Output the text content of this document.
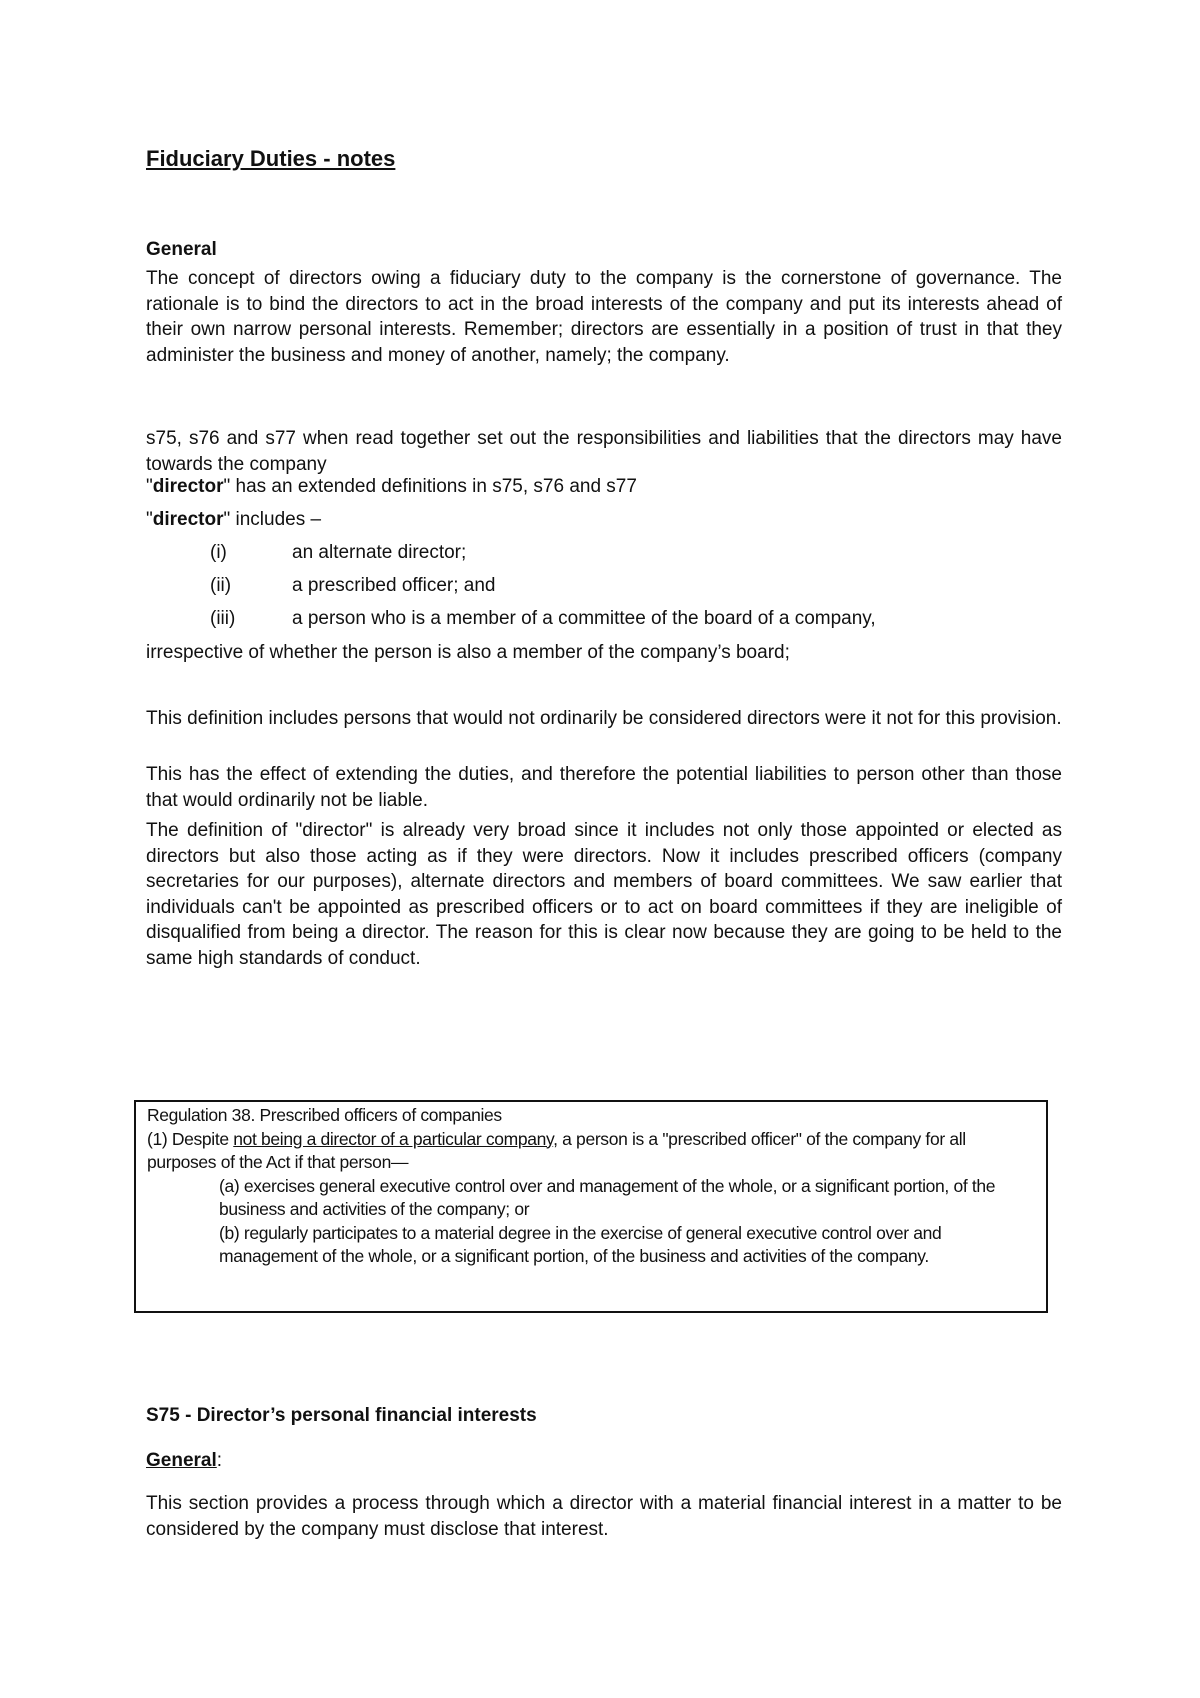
Fiduciary Duties - notes
General

The concept of directors owing a fiduciary duty to the company is the cornerstone of governance. The rationale is to bind the directors to act in the broad interests of the company and put its interests ahead of their own narrow personal interests. Remember; directors are essentially in a position of trust in that they administer the business and money of another, namely; the company.

s75, s76 and s77 when read together set out the responsibilities and liabilities that the directors may have towards the company

"director" has an extended definitions in s75, s76 and s77

"director" includes –

(i)	an alternate director;
(ii)	a prescribed officer; and
(iii)	a person who is a member of a committee of the board of a company,

irrespective of whether the person is also a member of the company’s board;

This definition includes persons that would not ordinarily be considered directors were it not for this provision.

This has the effect of extending the duties, and therefore the potential liabilities to person other than those that would ordinarily not be liable.

The definition of "director" is already very broad since it includes not only those appointed or elected as directors but also those acting as if they were directors. Now it includes prescribed officers (company secretaries for our purposes), alternate directors and members of board committees. We saw earlier that individuals can't be appointed as prescribed officers or to act on board committees if they are ineligible of disqualified from being a director. The reason for this is clear now because they are going to be held to the same high standards of conduct.

Regulation 38. Prescribed officers of companies
(1) Despite not being a director of a particular company, a person is a "prescribed officer" of the company for all purposes of the Act if that person—
(a) exercises general executive control over and management of the whole, or a significant portion, of the business and activities of the company; or
(b) regularly participates to a material degree in the exercise of general executive control over and management of the whole, or a significant portion, of the business and activities of the company.
S75 - Director’s personal financial interests

General:

This section provides a process through which a director with a material financial interest in a matter to be considered by the company must disclose that interest.
